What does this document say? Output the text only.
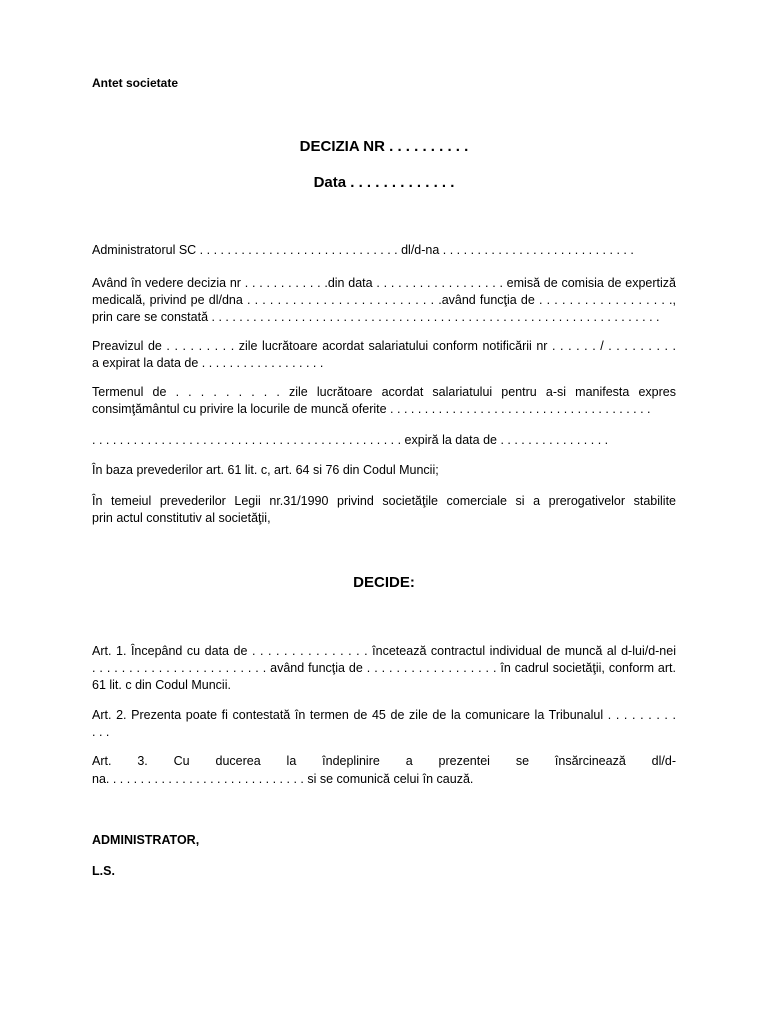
Antet societate
DECIZIA NR . . . . . . . . . .
Data . . . . . . . . . . . . .
Administratorul SC . . . . . . . . . . . . . . . . . . . . . . . . . . . . . dl/d-na . . . . . . . . . . . . . . . . . . . . . . . . . . . .
Având în vedere decizia nr . . . . . . . . . . . .din data . . . . . . . . . . . . . . . . . . emisă de comisia de expertiză
medicală, privind pe dl/dna . . . . . . . . . . . . . . . . . . . . . . . . . .având funcţia de . . . . . . . . . . . . . . . . . .,
prin care se constată . . . . . . . . . . . . . . . . . . . . . . . . . . . . . . . . . . . . . . . . . . . . . . . . . . . . . . . . . . . . . . . . .
Preavizul de . . . . . . . . . zile lucrătoare acordat salariatului conform notificării nr . . . . . . / . . . . . . . . .
a expirat la data de . . . . . . . . . . . . . . . . . .
Termenul de . . . . . . . . . zile lucrătoare acordat salariatului pentru a-si manifesta expres
consimţământul cu privire la locurile de muncă oferite . . . . . . . . . . . . . . . . . . . . . . . . . . . . . . . . . . . . . .
. . . . . . . . . . . . . . . . . . . . . . . . . . . . . . . . . . . . . . . . . . . . . expiră la data de . . . . . . . . . . . . . . . .
În baza prevederilor art. 61 lit. c, art. 64 si 76 din Codul Muncii;
În temeiul prevederilor Legii nr.31/1990 privind societăţile comerciale si a prerogativelor stabilite
prin actul constitutiv al societăţii,
DECIDE:
Art. 1. Începând cu data de . . . . . . . . . . . . . . . încetează contractul individual de muncă al d-lui/d-nei
. . . . . . . . . . . . . . . . . . . . . . . . având funcţia de . . . . . . . . . . . . . . . . . . în cadrul societăţii, conform art.
61 lit. c din Codul Muncii.
Art. 2. Prezenta poate fi contestată în termen de 45 de zile de la comunicare la Tribunalul . . . . . . . . .
. . .
Art. 3. Cu ducerea la îndeplinire a prezentei se însărcinează dl/d-
na. . . . . . . . . . . . . . . . . . . . . . . . . . . . . si se comunică celui în cauză.
ADMINISTRATOR,
L.S.
